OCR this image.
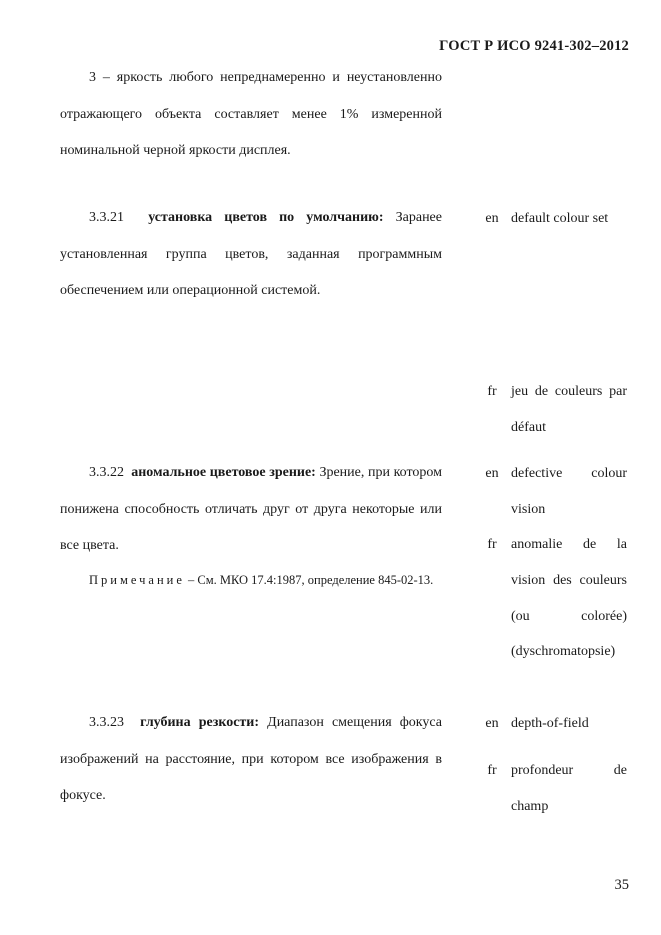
ГОСТ Р ИСО 9241-302–2012
3 – яркость любого непреднамеренно и неустановленно отражающего объекта составляет менее 1% измеренной номинальной черной яркости дисплея.
3.3.21 установка цветов по умолчанию: Заранее установленная группа цветов, заданная программным обеспечением или операционной системой.
en default colour set
fr	jeu de couleurs par défaut
3.3.22 аномальное цветовое зрение: Зрение, при котором понижена способность отличать друг от друга некоторые или все цвета.
Примечание – См. МКО 17.4:1987, определение 845-02-13.
en defective colour vision
fr	anomalie de la vision des couleurs (ou colorée) (dyschromatopsie)
3.3.23 глубина резкости: Диапазон смещения фокуса изображений на расстояние, при котором все изображения в фокусе.
en depth-of-field
fr	profondeur de champ
35
